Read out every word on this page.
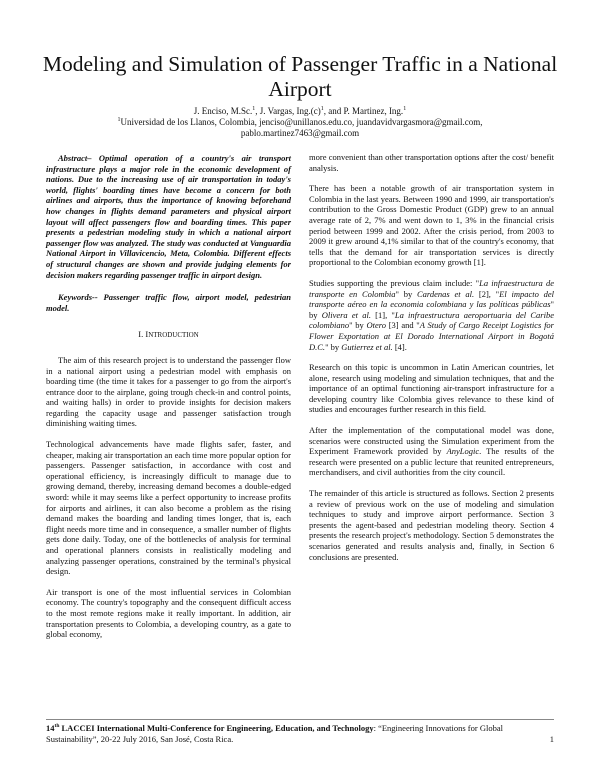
Modeling and Simulation of Passenger Traffic in a National Airport
J. Enciso, M.Sc.$^1$, J. Vargas, $Ing.(c)^1$, and P. Martinez, Ing.$^1$
$^1$Universidad de los Llanos, Colombia, jenciso@unillanos.edu.co, juandavidvargasmora@gmail.com,
pablo.martinez7463@gmail.com

Abstract– Optimal operation of a country's air transport infrastructure plays a major role in the economic development of nations. Due to the increasing use of air transportation in today's world, flights' boarding times have become a concern for both airlines and airports, thus the importance of knowing beforehand how changes in flights demand parameters and physical airport layout will affect passengers flow and boarding times. This paper presents a pedestrian modeling study in which a national airport passenger flow was analyzed. The study was conducted at Vanguardia National Airport in Villavicencio, Meta, Colombia. Different effects of structural changes are shown and provide judging elements for decision makers regarding passenger traffic in airport design.

Keywords-- Passenger traffic flow, airport model, pedestrian model.

I. INTRODUCTION

The aim of this research project is to understand the passenger flow in a national airport using a pedestrian model with emphasis on boarding time (the time it takes for a passenger to go from the airport's entrance door to the airplane, going trough check-in and control points, and waiting halls) in order to provide insights for decision makers regarding the capacity usage and passenger satisfaction trough diminishing waiting times.

Technological advancements have made flights safer, faster, and cheaper, making air transportation an each time more popular option for passengers. Passenger satisfaction, in accordance with cost and operational efficiency, is increasingly difficult to manage due to growing demand, thereby, increasing demand becomes a double-edged sword: while it may seems like a perfect opportunity to increase profits for airports and airlines, it can also become a problem as the rising demand makes the boarding and landing times longer, that is, each flight needs more time and in consequence, a smaller number of flights gets done daily. Today, one of the bottlenecks of analysis for terminal and operational planners consists in realistically modeling and analyzing passenger operations, constrained by the terminal's physical design.

Air transport is one of the most influential services in Colombian economy. The country's topography and the consequent difficult access to the most remote regions make it really important. In addition, air transportation presents to Colombia, a developing country, as a gate to global economy,

more convenient than other transportation options after the cost/ benefit analysis.

There has been a notable growth of air transportation system in Colombia in the last years. Between 1990 and 1999, air transportation's contribution to the Gross Domestic Product (GDP) grew to an annual average rate of 2, 7% and went down to 1, 3% in the financial crisis period between 1999 and 2002. After the crisis period, from 2003 to 2009 it grew around 4,1% similar to that of the country's economy, that tells that the demand for air transportation services is directly proportional to the Colombian economy growth [1].

Studies supporting the previous claim include: "La infraestructura de transporte en Colombia" by Cardenas et al. [2], "El impacto del transporte aéreo en la economia colombiana y las políticas públicas" by Olivera et al. [1], "La infraestructura aeroportuaria del Caribe colombiano" by Otero [3] and "A Study of Cargo Receipt Logistics for Flower Exportation at El Dorado International Airport in Bogotá D.C." by Gutierrez et al. [4].

Research on this topic is uncommon in Latin American countries, let alone, research using modeling and simulation techniques, that and the importance of an optimal functioning air-transport infrastructure for a developing country like Colombia gives relevance to these kind of studies and encourages further research in this field.

After the implementation of the computational model was done, scenarios were constructed using the Simulation experiment from the Experiment Framework provided by AnyLogic. The results of the research were presented on a public lecture that reunited entrepreneurs, merchandisers, and civil authorities from the city council.

The remainder of this article is structured as follows. Section 2 presents a review of previous work on the use of modeling and simulation techniques to study and improve airport performance. Section 3 presents the agent-based and pedestrian modeling theory. Section 4 presents the research project's methodology. Section 5 demonstrates the scenarios generated and results analysis and, finally, in Section 6 conclusions are presented.

14th LACCEI International Multi-Conference for Engineering, Education, and Technology: “Engineering Innovations for Global Sustainability”, 20-22 July 2016, San José, Costa Rica.	1
